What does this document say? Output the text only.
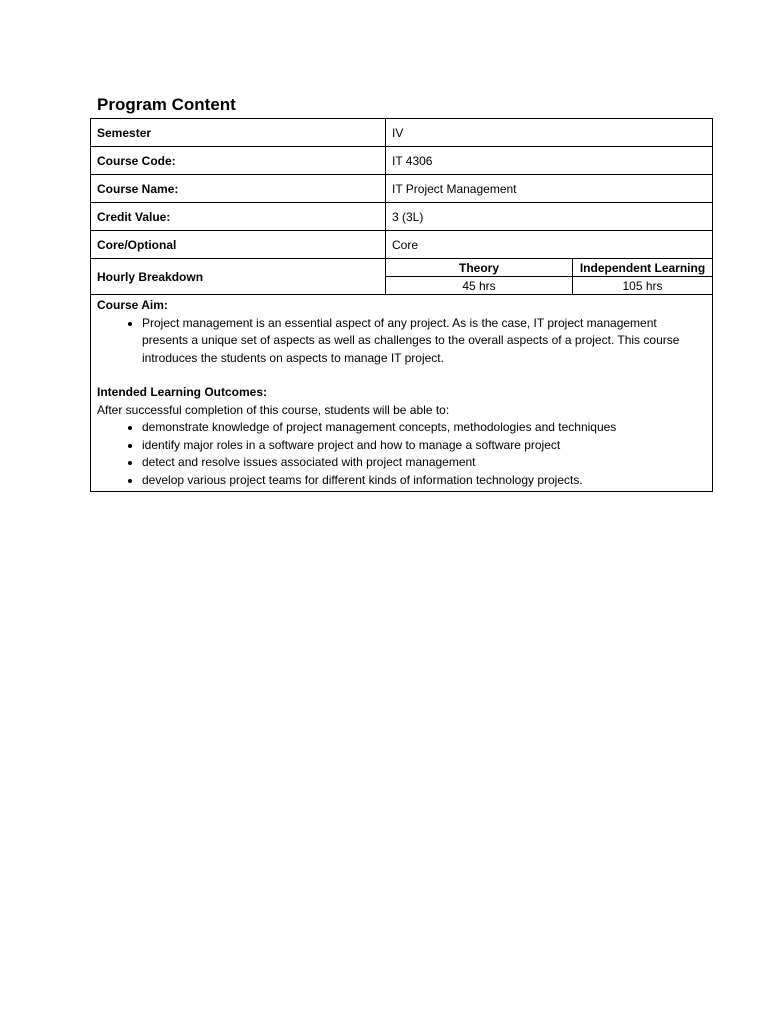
Program Content
Semester	IV
Course Code:	IT 4306
Course Name:	IT Project Management
Credit Value:	3 (3L)
Core/Optional	Core
Hourly Breakdown	
Theory	Independent Learning
45 hrs	105 hrs

Course Aim:
• Project management is an essential aspect of any project. As is the case, IT project management presents a unique set of aspects as well as challenges to the overall aspects of a project. This course introduces the students on aspects to manage IT project.
Intended Learning Outcomes:
After successful completion of this course, students will be able to:
• demonstrate knowledge of project management concepts, methodologies and techniques
• identify major roles in a software project and how to manage a software project
• detect and resolve issues associated with project management
• develop various project teams for different kinds of information technology projects.
